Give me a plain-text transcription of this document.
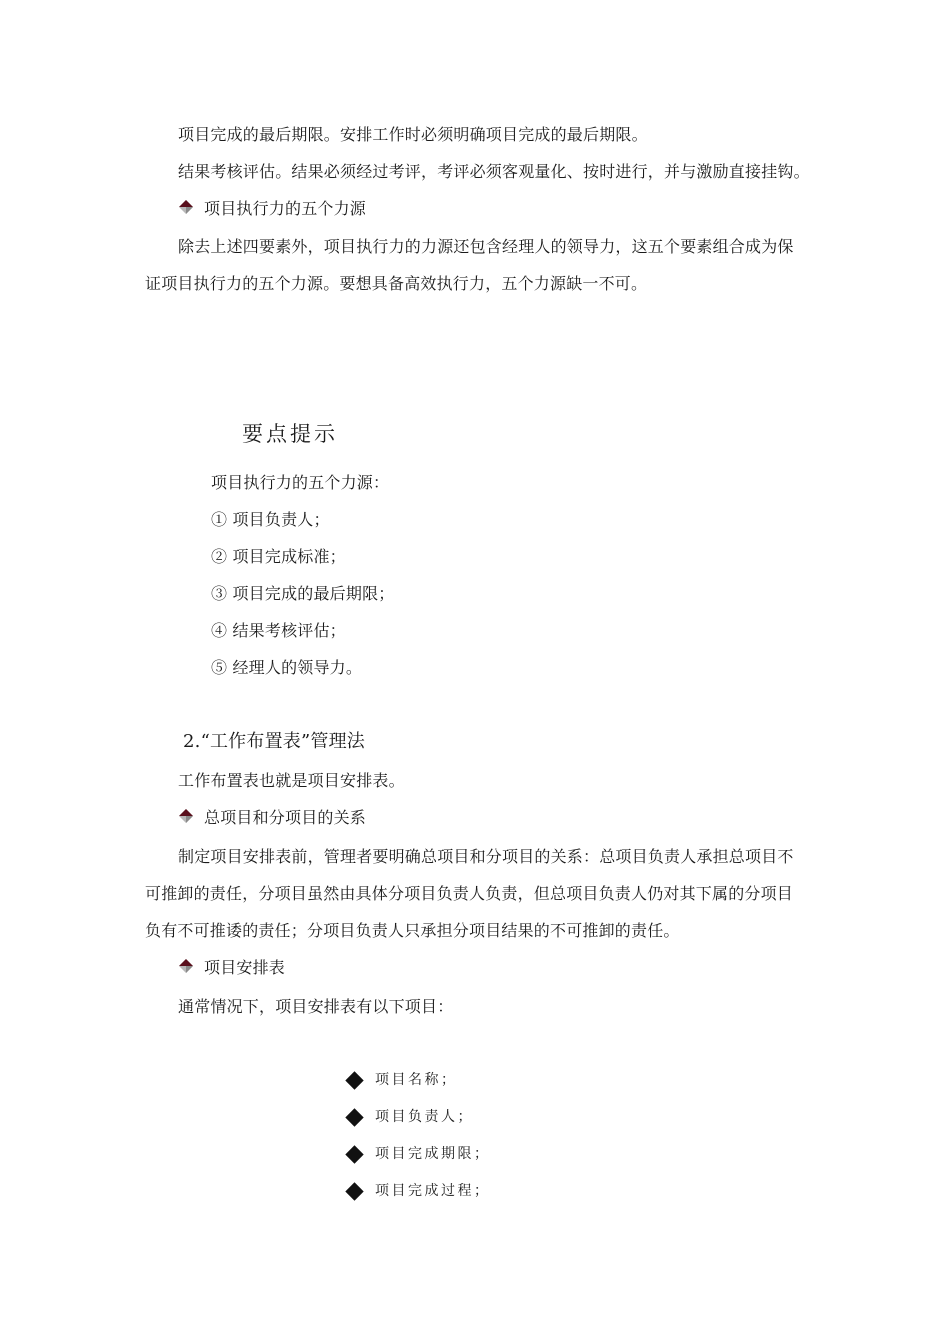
项目完成的最后期限。安排工作时必须明确项目完成的最后期限。
结果考核评估。结果必须经过考评，考评必须客观量化、按时进行，并与激励直接挂钩。
项目执行力的五个力源
除去上述四要素外，项目执行力的力源还包含经理人的领导力，这五个要素组合成为保
证项目执行力的五个力源。要想具备高效执行力，五个力源缺一不可。
要点提示
项目执行力的五个力源：
① 项目负责人；
② 项目完成标准；
③ 项目完成的最后期限；
④ 结果考核评估；
⑤ 经理人的领导力。
2.“工作布置表”管理法
工作布置表也就是项目安排表。
总项目和分项目的关系
制定项目安排表前，管理者要明确总项目和分项目的关系：总项目负责人承担总项目不
可推卸的责任，分项目虽然由具体分项目负责人负责，但总项目负责人仍对其下属的分项目
负有不可推诿的责任；分项目负责人只承担分项目结果的不可推卸的责任。
项目安排表
通常情况下，项目安排表有以下项目：
项目名称；
项目负责人；
项目完成期限；
项目完成过程；
